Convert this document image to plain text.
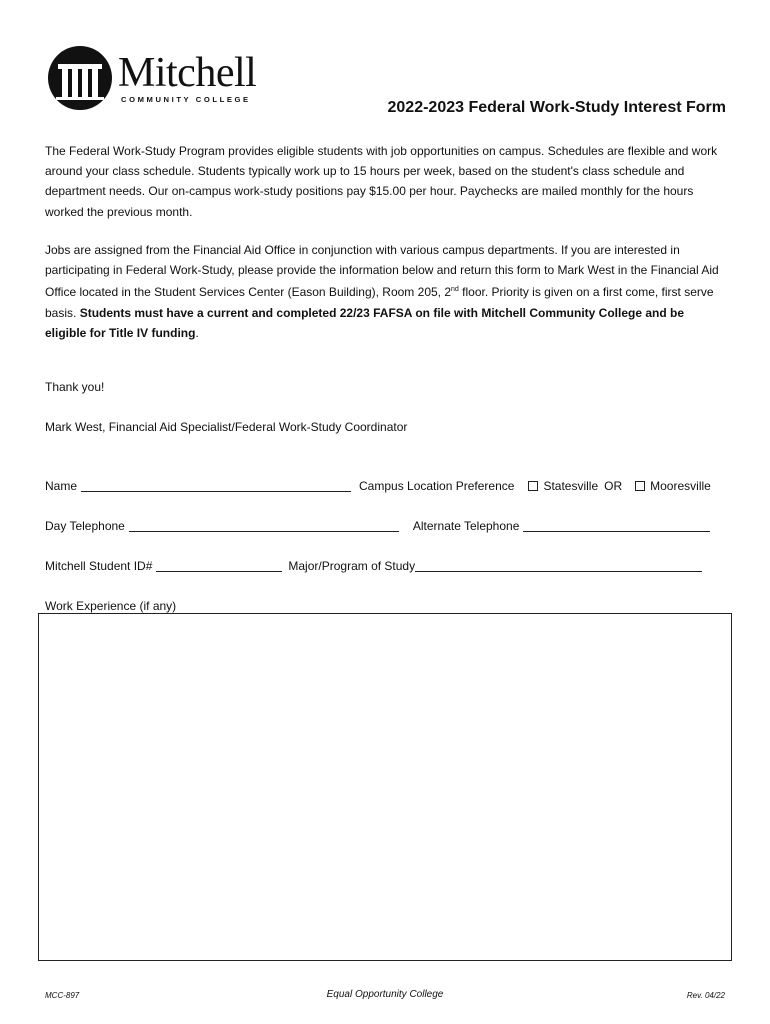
Mitchell
COMMUNITY COLLEGE	2022-2023 Federal Work-Study Interest Form
The Federal Work-Study Program provides eligible students with job opportunities on campus. Schedules are flexible and work around your class schedule. Students typically work up to 15 hours per week, based on the student's class schedule and department needs. Our on-campus work-study positions pay $15.00 per hour. Paychecks are mailed monthly for the hours worked the previous month.
Jobs are assigned from the Financial Aid Office in conjunction with various campus departments. If you are interested in participating in Federal Work-Study, please provide the information below and return this form to Mark West in the Financial Aid Office located in the Student Services Center (Eason Building), Room 205, 2nd floor. Priority is given on a first come, first serve basis. Students must have a current and completed 22/23 FAFSA on file with Mitchell Community College and be eligible for Title IV funding.
Thank you!
Mark West, Financial Aid Specialist/Federal Work-Study Coordinator
Name	Campus Location Preference Statesville OR Mooresville
Day Telephone	Alternate Telephone
Mitchell Student ID#	Major/Program of Study
Work Experience (if any)
MCC-897	Equal Opportunity College	Rev. 04/22
